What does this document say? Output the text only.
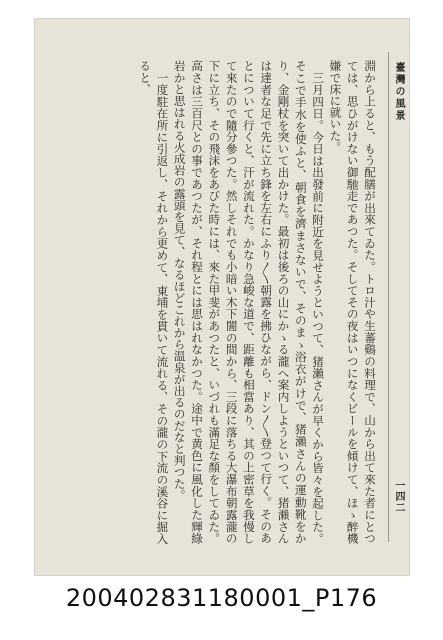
臺灣の風景
一四二

淵から上ると、もう配膳が出來てゐた。トロ汁や生蕃鷄の料理で、山から出て來た者にとつては、思ひがけない御馳走であつた。そしてその夜はいつになくビールを傾けて、ほゝ醉機嫌で床に就いた。

三月四日。今日は出發前に附近を見せようといつて、猪瀨さんが早くから皆々を起した。そこで手水を使ふと、朝食を濟まさないで、そのまゝ浴衣がけで、猪瀨さんの運動靴をかり、金剛杖を突いて出かけた。最初は後ろの山にかゝる瀧へ案内しようといつて、猪瀨さんは達者な足で先に立ち鋒を左右にふり〳〵朝露を拂ひながら、ドン〳〵登つて行く。そのあとについて行くと、汗が流れた。かなり急峻な道で、距離も相當あり、其の上密草を我慢して來たので隨分參つた。然しそれでも小暗い木下闇の間から、三段に落ちる大瀑布朝露瀧の下に立ち、その飛沫をあびた時には、來た甲斐があつたと、いづれも滿足な顏をしてゐた。高さは三百尺との事であつたが、それ程とには思はれなかつた。途中で黄色に風化した輝綠岩かと思はれる火成岩の露頭を見て、なるほどこれから温泉が出るのだなと判つた。

一度駐在所に引返し、それから更めて、東埔を貫いて流れる、その瀧の下流の溪谷に掘入ると、

200402831180001_P176
